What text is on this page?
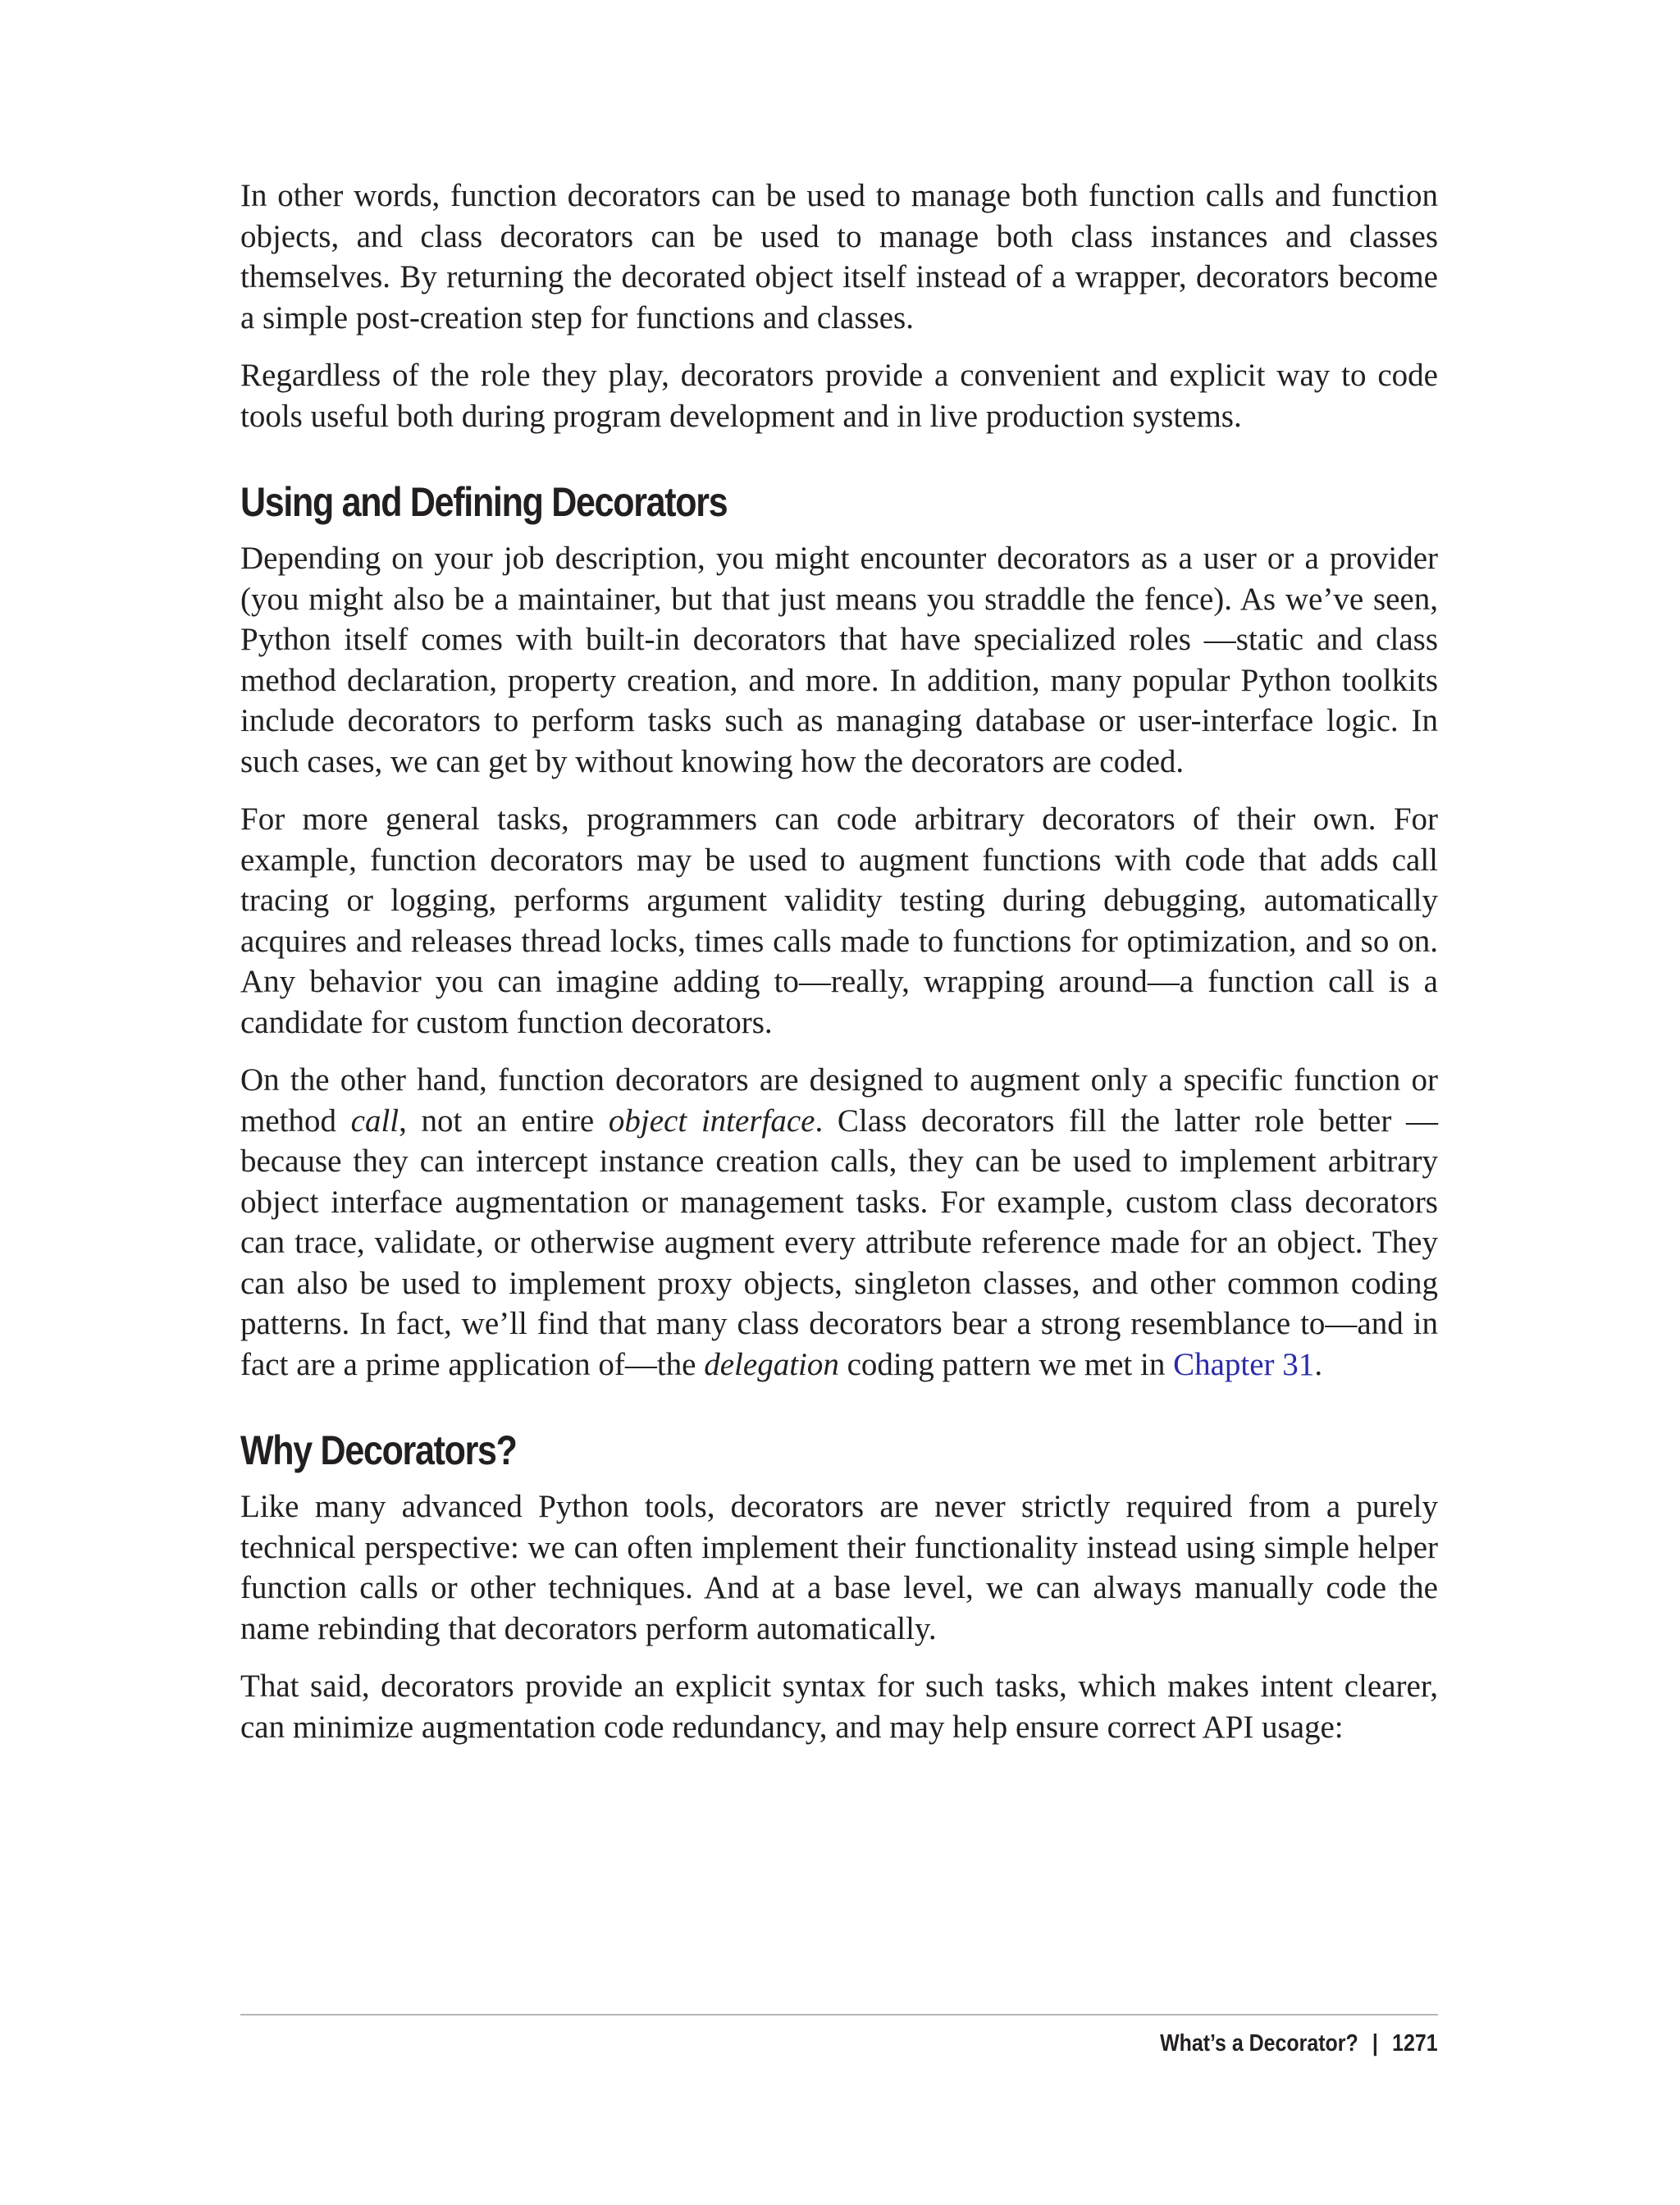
In other words, function decorators can be used to manage both function calls and function objects, and class decorators can be used to manage both class instances and classes themselves. By returning the decorated object itself instead of a wrapper, decorators become a simple post-creation step for functions and classes.

Regardless of the role they play, decorators provide a convenient and explicit way to code tools useful both during program development and in live production systems.

Using and Defining Decorators

Depending on your job description, you might encounter decorators as a user or a provider (you might also be a maintainer, but that just means you straddle the fence). As we’ve seen, Python itself comes with built-in decorators that have specialized roles —static and class method declaration, property creation, and more. In addition, many popular Python toolkits include decorators to perform tasks such as managing database or user-interface logic. In such cases, we can get by without knowing how the decorators are coded.

For more general tasks, programmers can code arbitrary decorators of their own. For example, function decorators may be used to augment functions with code that adds call tracing or logging, performs argument validity testing during debugging, automatically acquires and releases thread locks, times calls made to functions for optimization, and so on. Any behavior you can imagine adding to—really, wrapping around—a function call is a candidate for custom function decorators.

On the other hand, function decorators are designed to augment only a specific function or method call, not an entire object interface. Class decorators fill the latter role better —because they can intercept instance creation calls, they can be used to implement arbitrary object interface augmentation or management tasks. For example, custom class decorators can trace, validate, or otherwise augment every attribute reference made for an object. They can also be used to implement proxy objects, singleton classes, and other common coding patterns. In fact, we’ll find that many class decorators bear a strong resemblance to—and in fact are a prime application of—the delegation coding pattern we met in Chapter 31.

Why Decorators?

Like many advanced Python tools, decorators are never strictly required from a purely technical perspective: we can often implement their functionality instead using simple helper function calls or other techniques. And at a base level, we can always manually code the name rebinding that decorators perform automatically.

That said, decorators provide an explicit syntax for such tasks, which makes intent clearer, can minimize augmentation code redundancy, and may help ensure correct API usage:

What’s a Decorator? | 1271
